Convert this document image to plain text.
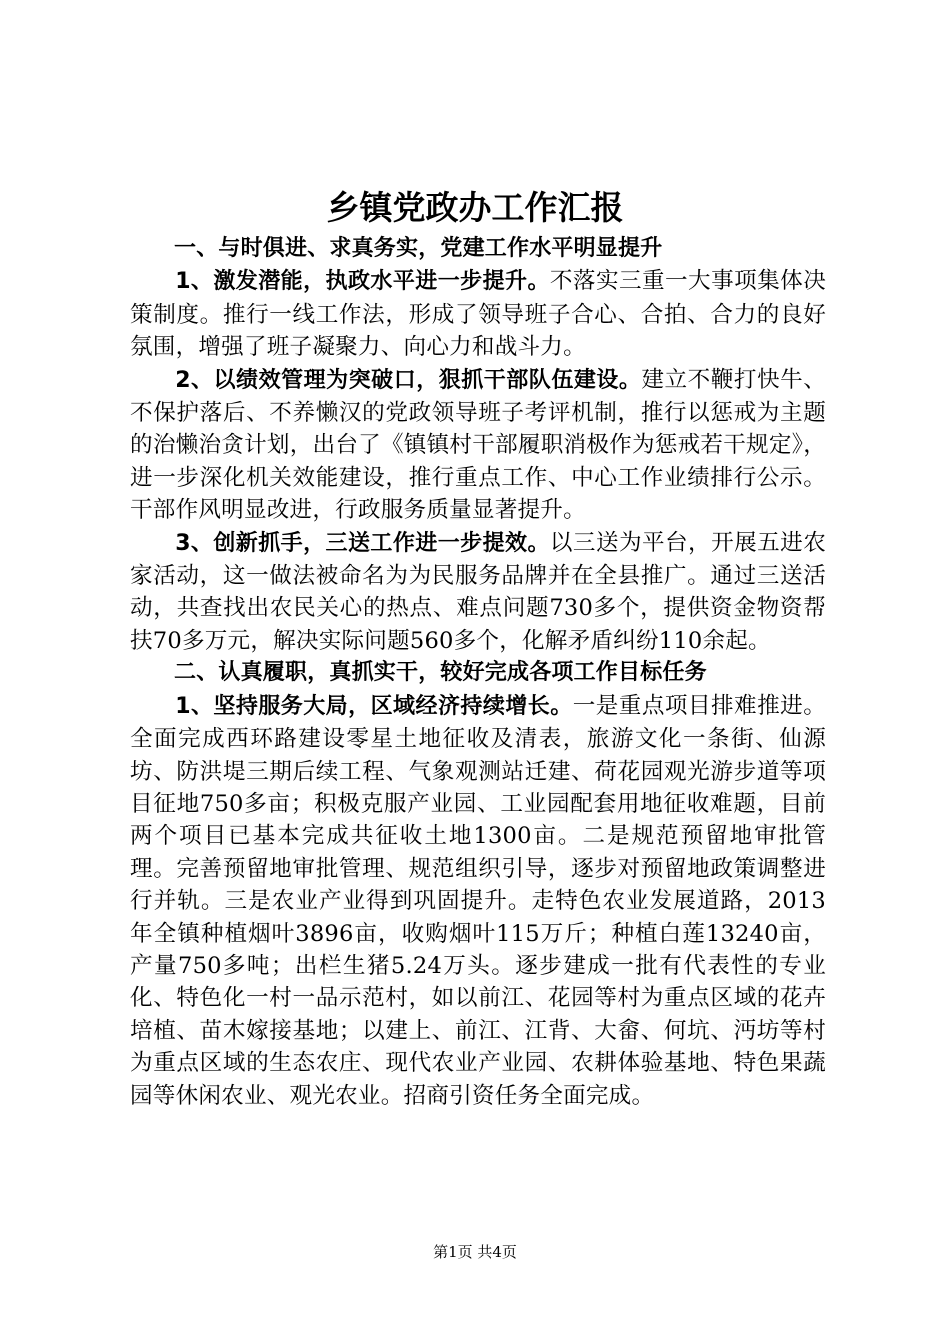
乡镇党政办工作汇报

一、与时俱进、求真务实，党建工作水平明显提升

1、激发潜能，执政水平进一步提升。不落实三重一大事项集体决策制度。推行一线工作法，形成了领导班子合心、合拍、合力的良好氛围，增强了班子凝聚力、向心力和战斗力。

2、以绩效管理为突破口，狠抓干部队伍建设。建立不鞭打快牛、不保护落后、不养懒汉的党政领导班子考评机制，推行以惩戒为主题的治懒治贪计划，出台了《镇镇村干部履职消极作为惩戒若干规定》，进一步深化机关效能建设，推行重点工作、中心工作业绩排行公示。干部作风明显改进，行政服务质量显著提升。

3、创新抓手，三送工作进一步提效。以三送为平台，开展五进农家活动，这一做法被命名为为民服务品牌并在全县推广。通过三送活动，共查找出农民关心的热点、难点问题730多个，提供资金物资帮扶70多万元，解决实际问题560多个，化解矛盾纠纷110余起。

二、认真履职，真抓实干，较好完成各项工作目标任务

1、坚持服务大局，区域经济持续增长。一是重点项目排难推进。全面完成西环路建设零星土地征收及清表，旅游文化一条街、仙源坊、防洪堤三期后续工程、气象观测站迁建、荷花园观光游步道等项目征地750多亩；积极克服产业园、工业园配套用地征收难题，目前两个项目已基本完成共征收土地1300亩。二是规范预留地审批管理。完善预留地审批管理、规范组织引导，逐步对预留地政策调整进行并轨。三是农业产业得到巩固提升。走特色农业发展道路，2013年全镇种植烟叶3896亩，收购烟叶115万斤；种植白莲13240亩，产量750多吨；出栏生猪5.24万头。逐步建成一批有代表性的专业化、特色化一村一品示范村，如以前江、花园等村为重点区域的花卉培植、苗木嫁接基地；以建上、前江、江背、大畲、何坑、沔坊等村为重点区域的生态农庄、现代农业产业园、农耕体验基地、特色果蔬园等休闲农业、观光农业。招商引资任务全面完成。

第1页 共4页
